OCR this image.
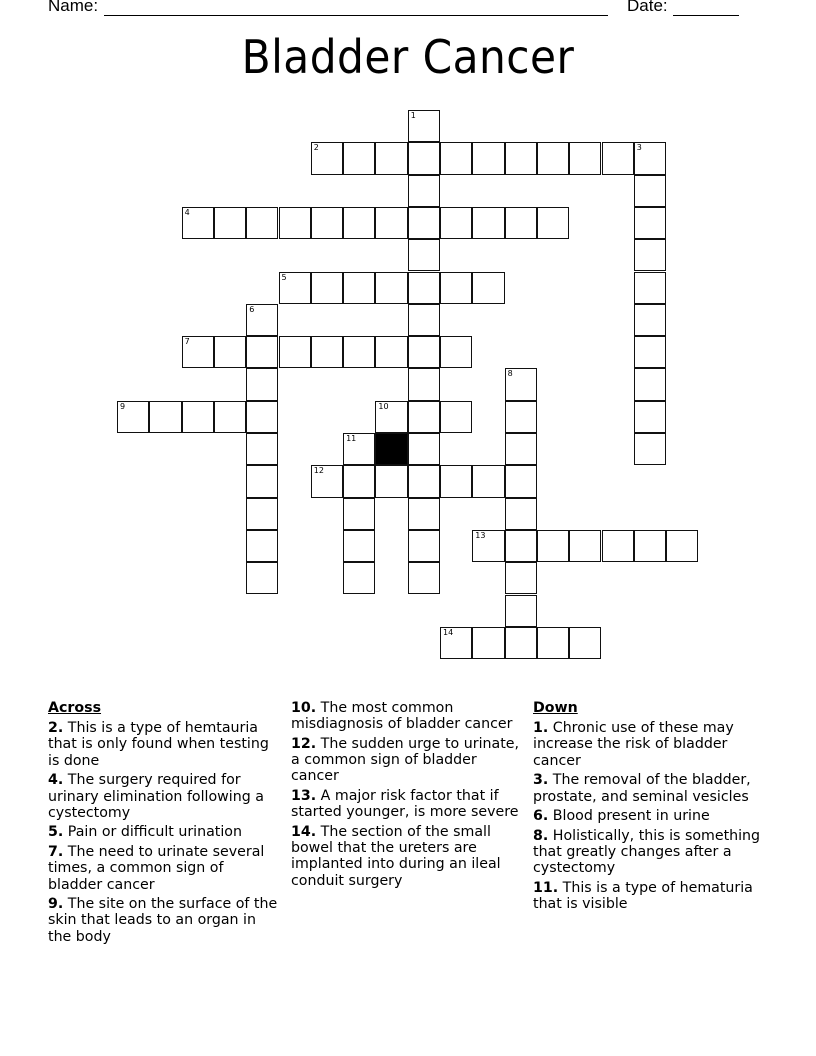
Name:	Date:
Bladder Cancer
1
2	3
4
5
6
7
8
9	10
11
12
13
14
Across
2. This is a type of hemtauria that is only found when testing is done
4. The surgery required for urinary elimination following a cystectomy
5. Pain or difficult urination
7. The need to urinate several times, a common sign of bladder cancer
9. The site on the surface of the skin that leads to an organ in the body
10. The most common misdiagnosis of bladder cancer
12. The sudden urge to urinate, a common sign of bladder cancer
13. A major risk factor that if started younger, is more severe
14. The section of the small bowel that the ureters are implanted into during an ileal conduit surgery
Down
1. Chronic use of these may increase the risk of bladder cancer
3. The removal of the bladder, prostate, and seminal vesicles
6. Blood present in urine
8. Holistically, this is something that greatly changes after a cystectomy
11. This is a type of hematuria that is visible
